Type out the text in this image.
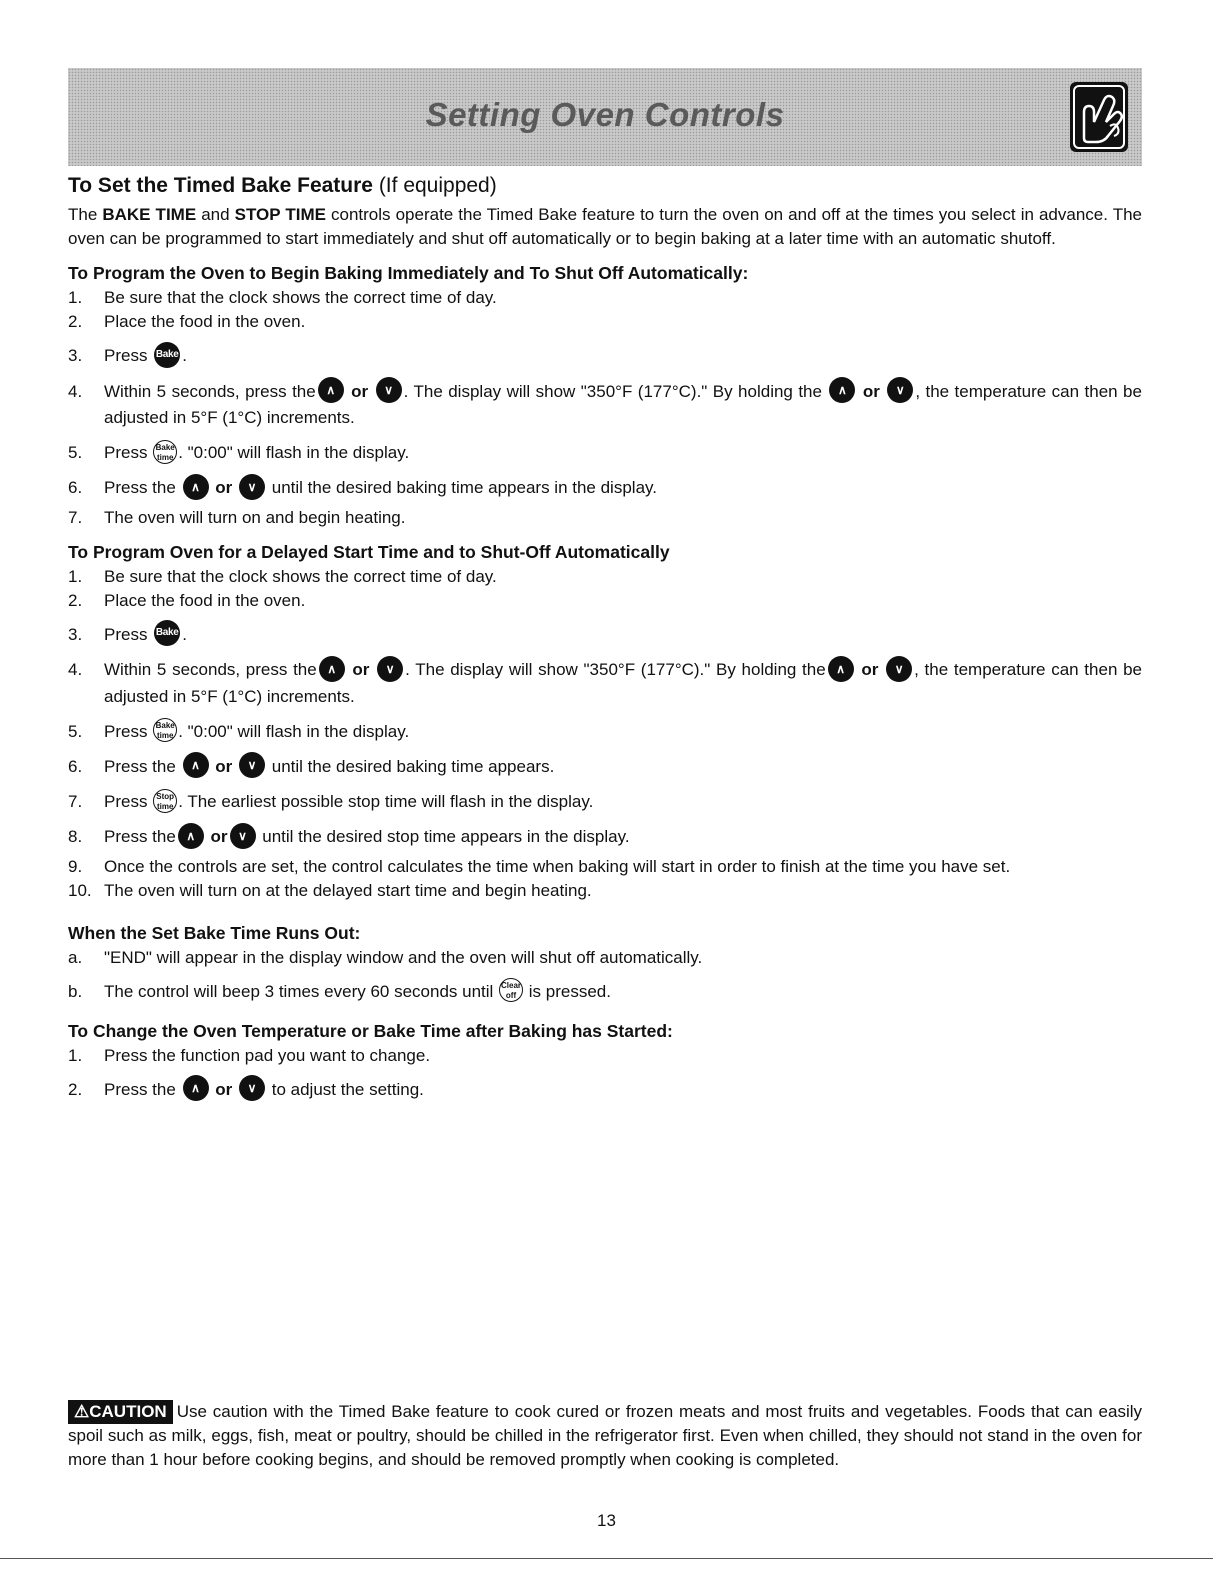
Setting Oven Controls
To Set the Timed Bake Feature (If equipped)

The BAKE TIME and STOP TIME controls operate the Timed Bake feature to turn the oven on and off at the times you select in advance. The oven can be programmed to start immediately and shut off automatically or to begin baking at a later time with an automatic shutoff.

To Program the Oven to Begin Baking Immediately and To Shut Off Automatically:
1. Be sure that the clock shows the correct time of day.
2. Place the food in the oven.
3. Press Bake .
4. Within 5 seconds, press the ∧ or ∨ . The display will show "350°F (177°C)." By holding the ∧ or ∨ , the temperature can then be adjusted in 5°F (1°C) increments.
5. Press Bake time . "0:00" will flash in the display.
6. Press the ∧ or ∨ until the desired baking time appears in the display.
7. The oven will turn on and begin heating.
To Program Oven for a Delayed Start Time and to Shut-Off Automatically
1. Be sure that the clock shows the correct time of day.
2. Place the food in the oven.
3. Press Bake .
4. Within 5 seconds, press the ∧ or ∨ . The display will show "350°F (177°C)." By holding the ∧ or ∨ , the temperature can then be adjusted in 5°F (1°C) increments.
5. Press Bake time . "0:00" will flash in the display.
6. Press the ∧ or ∨ until the desired baking time appears.
7. Press Stop time . The earliest possible stop time will flash in the display.
8. Press the ∧ or ∨ until the desired stop time appears in the display.
9. Once the controls are set, the control calculates the time when baking will start in order to finish at the time you have set.
10. The oven will turn on at the delayed start time and begin heating.
When the Set Bake Time Runs Out:
a. "END" will appear in the display window and the oven will shut off automatically.
b. The control will beep 3 times every 60 seconds until Clear off is pressed.
To Change the Oven Temperature or Bake Time after Baking has Started:
1. Press the function pad you want to change.
2. Press the ∧ or ∨ to adjust the setting.

⚠CAUTION Use caution with the Timed Bake feature to cook cured or frozen meats and most fruits and vegetables. Foods that can easily spoil such as milk, eggs, fish, meat or poultry, should be chilled in the refrigerator first. Even when chilled, they should not stand in the oven for more than 1 hour before cooking begins, and should be removed promptly when cooking is completed.

13
